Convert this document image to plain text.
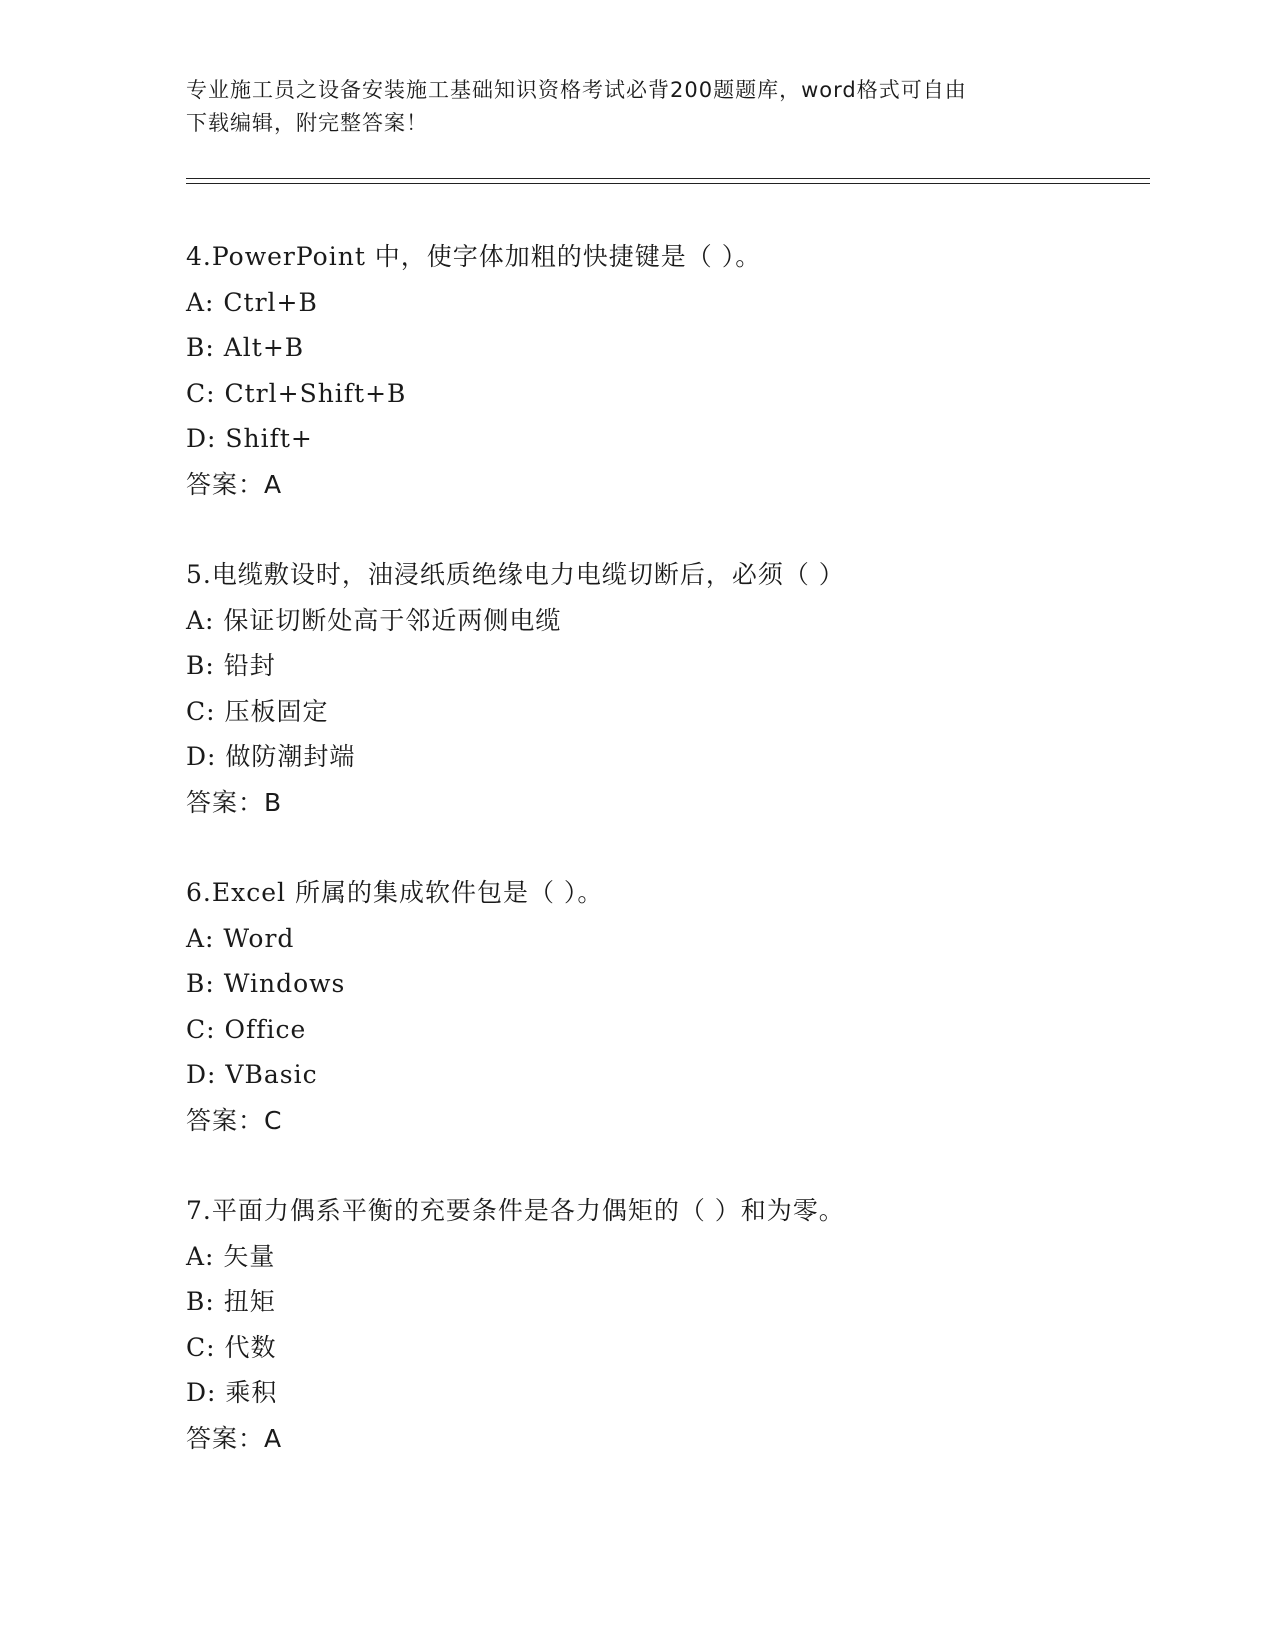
专业施工员之设备安装施工基础知识资格考试必背200题题库，word格式可自由
下载编辑，附完整答案！
4.PowerPoint 中，使字体加粗的快捷键是（ ）。
A: Ctrl+B
B: Alt+B
C: Ctrl+Shift+B
D: Shift+
答案：A
5.电缆敷设时，油浸纸质绝缘电力电缆切断后，必须（ ）
A: 保证切断处高于邻近两侧电缆
B: 铅封
C: 压板固定
D: 做防潮封端
答案：B
6.Excel 所属的集成软件包是（ ）。
A: Word
B: Windows
C: Office
D: VBasic
答案：C
7.平面力偶系平衡的充要条件是各力偶矩的（ ）和为零。
A: 矢量
B: 扭矩
C: 代数
D: 乘积
答案：A
